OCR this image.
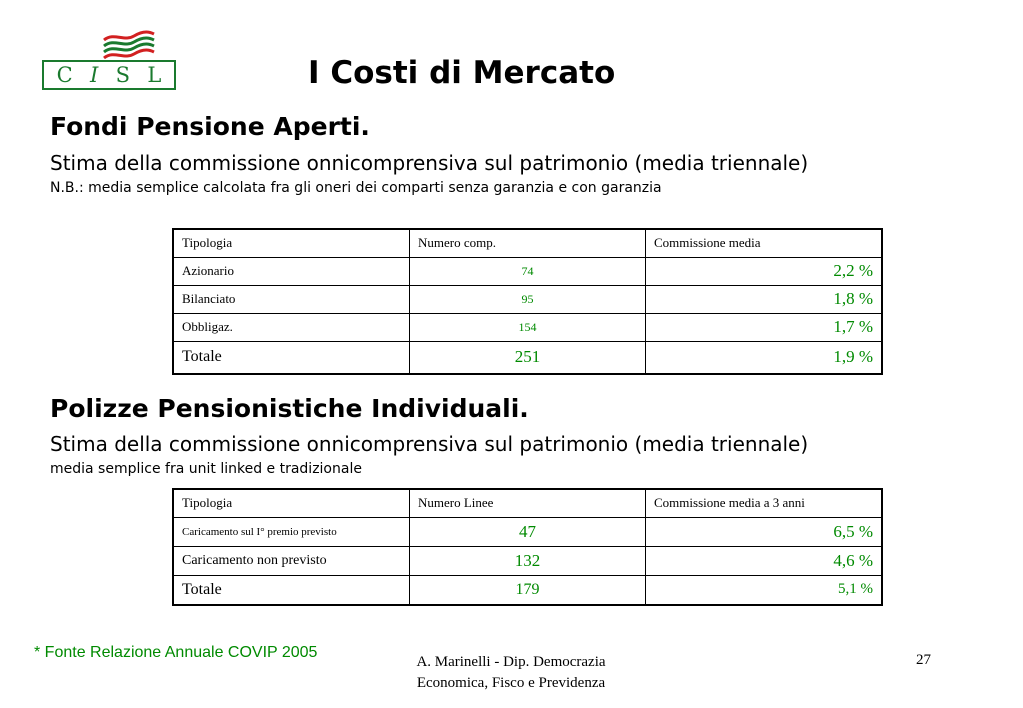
C I S L	I Costi di Mercato
Fondi Pensione Aperti.
Stima della commissione onnicomprensiva sul patrimonio (media triennale)
N.B.: media semplice calcolata fra gli oneri dei comparti senza garanzia e con garanzia
Tipologia	Numero comp.	Commissione media
Azionario	74	2,2 %
Bilanciato	95	1,8 %
Obbligaz.	154	1,7 %
Totale	251	1,9 %
Polizze Pensionistiche Individuali.
Stima della commissione onnicomprensiva sul patrimonio (media triennale)
media semplice fra unit linked e tradizionale
Tipologia	Numero Linee	Commissione media a 3 anni
Caricamento sul I° premio previsto	47	6,5 %
Caricamento non previsto	132	4,6 %
Totale	179	5,1 %
* Fonte Relazione Annuale COVIP 2005
A. Marinelli - Dip. Democrazia
Economica, Fisco e Previdenza
27
